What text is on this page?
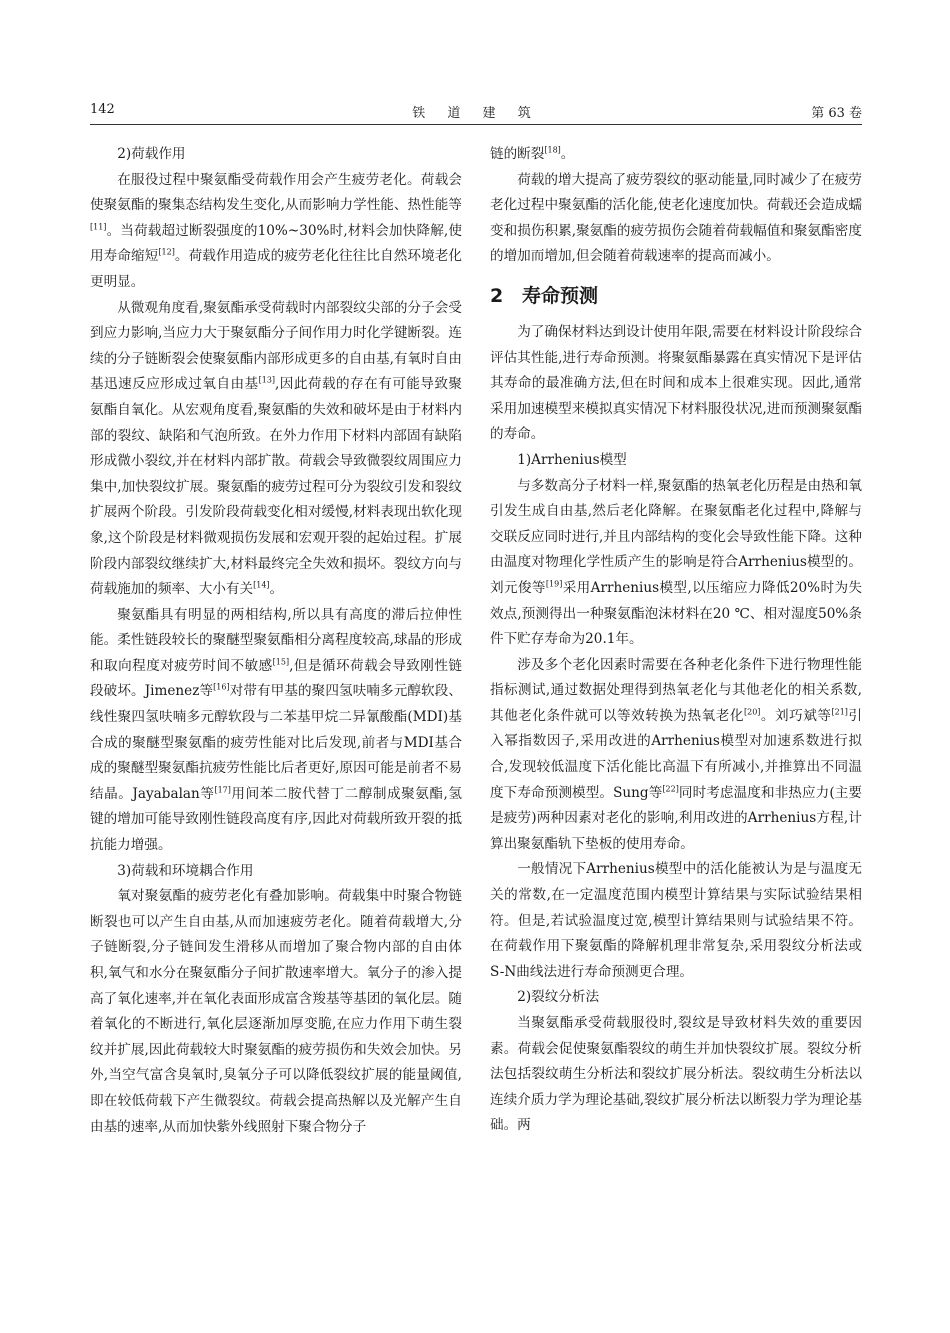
142	铁 道 建 筑	第 63 卷

2)荷载作用

在服役过程中聚氨酯受荷载作用会产生疲劳老化。荷载会使聚氨酯的聚集态结构发生变化,从而影响力学性能、热性能等[11]。当荷载超过断裂强度的10%~30%时,材料会加快降解,使用寿命缩短[12]。荷载作用造成的疲劳老化往往比自然环境老化更明显。

从微观角度看,聚氨酯承受荷载时内部裂纹尖部的分子会受到应力影响,当应力大于聚氨酯分子间作用力时化学键断裂。连续的分子链断裂会使聚氨酯内部形成更多的自由基,有氧时自由基迅速反应形成过氧自由基[13],因此荷载的存在有可能导致聚氨酯自氧化。从宏观角度看,聚氨酯的失效和破坏是由于材料内部的裂纹、缺陷和气泡所致。在外力作用下材料内部固有缺陷形成微小裂纹,并在材料内部扩散。荷载会导致微裂纹周围应力集中,加快裂纹扩展。聚氨酯的疲劳过程可分为裂纹引发和裂纹扩展两个阶段。引发阶段荷载变化相对缓慢,材料表现出软化现象,这个阶段是材料微观损伤发展和宏观开裂的起始过程。扩展阶段内部裂纹继续扩大,材料最终完全失效和损坏。裂纹方向与荷载施加的频率、大小有关[14]。

聚氨酯具有明显的两相结构,所以具有高度的滞后拉伸性能。柔性链段较长的聚醚型聚氨酯相分离程度较高,球晶的形成和取向程度对疲劳时间不敏感[15],但是循环荷载会导致刚性链段破坏。Jimenez等[16]对带有甲基的聚四氢呋喃多元醇软段、线性聚四氢呋喃多元醇软段与二苯基甲烷二异氰酸酯(MDI)基合成的聚醚型聚氨酯的疲劳性能对比后发现,前者与MDI基合成的聚醚型聚氨酯抗疲劳性能比后者更好,原因可能是前者不易结晶。Jayabalan等[17]用间苯二胺代替丁二醇制成聚氨酯,氢键的增加可能导致刚性链段高度有序,因此对荷载所致开裂的抵抗能力增强。

3)荷载和环境耦合作用

氧对聚氨酯的疲劳老化有叠加影响。荷载集中时聚合物链断裂也可以产生自由基,从而加速疲劳老化。随着荷载增大,分子链断裂,分子链间发生滑移从而增加了聚合物内部的自由体积,氧气和水分在聚氨酯分子间扩散速率增大。氧分子的渗入提高了氧化速率,并在氧化表面形成富含羧基等基团的氧化层。随着氧化的不断进行,氧化层逐渐加厚变脆,在应力作用下萌生裂纹并扩展,因此荷载较大时聚氨酯的疲劳损伤和失效会加快。另外,当空气富含臭氧时,臭氧分子可以降低裂纹扩展的能量阈值,即在较低荷载下产生微裂纹。荷载会提高热解以及光解产生自由基的速率,从而加快紫外线照射下聚合物分子

链的断裂[18]。

荷载的增大提高了疲劳裂纹的驱动能量,同时减少了在疲劳老化过程中聚氨酯的活化能,使老化速度加快。荷载还会造成蠕变和损伤积累,聚氨酯的疲劳损伤会随着荷载幅值和聚氨酯密度的增加而增加,但会随着荷载速率的提高而减小。

2 寿命预测

为了确保材料达到设计使用年限,需要在材料设计阶段综合评估其性能,进行寿命预测。将聚氨酯暴露在真实情况下是评估其寿命的最准确方法,但在时间和成本上很难实现。因此,通常采用加速模型来模拟真实情况下材料服役状况,进而预测聚氨酯的寿命。

1)Arrhenius模型

与多数高分子材料一样,聚氨酯的热氧老化历程是由热和氧引发生成自由基,然后老化降解。在聚氨酯老化过程中,降解与交联反应同时进行,并且内部结构的变化会导致性能下降。这种由温度对物理化学性质产生的影响是符合Arrhenius模型的。刘元俊等[19]采用Arrhenius模型,以压缩应力降低20%时为失效点,预测得出一种聚氨酯泡沫材料在20 ℃、相对湿度50%条件下贮存寿命为20.1年。

涉及多个老化因素时需要在各种老化条件下进行物理性能指标测试,通过数据处理得到热氧老化与其他老化的相关系数,其他老化条件就可以等效转换为热氧老化[20]。刘巧斌等[21]引入幂指数因子,采用改进的Arrhenius模型对加速系数进行拟合,发现较低温度下活化能比高温下有所减小,并推算出不同温度下寿命预测模型。Sung等[22]同时考虑温度和非热应力(主要是疲劳)两种因素对老化的影响,利用改进的Arrhenius方程,计算出聚氨酯轨下垫板的使用寿命。

一般情况下Arrhenius模型中的活化能被认为是与温度无关的常数,在一定温度范围内模型计算结果与实际试验结果相符。但是,若试验温度过宽,模型计算结果则与试验结果不符。在荷载作用下聚氨酯的降解机理非常复杂,采用裂纹分析法或S-N曲线法进行寿命预测更合理。

2)裂纹分析法

当聚氨酯承受荷载服役时,裂纹是导致材料失效的重要因素。荷载会促使聚氨酯裂纹的萌生并加快裂纹扩展。裂纹分析法包括裂纹萌生分析法和裂纹扩展分析法。裂纹萌生分析法以连续介质力学为理论基础,裂纹扩展分析法以断裂力学为理论基础。两
